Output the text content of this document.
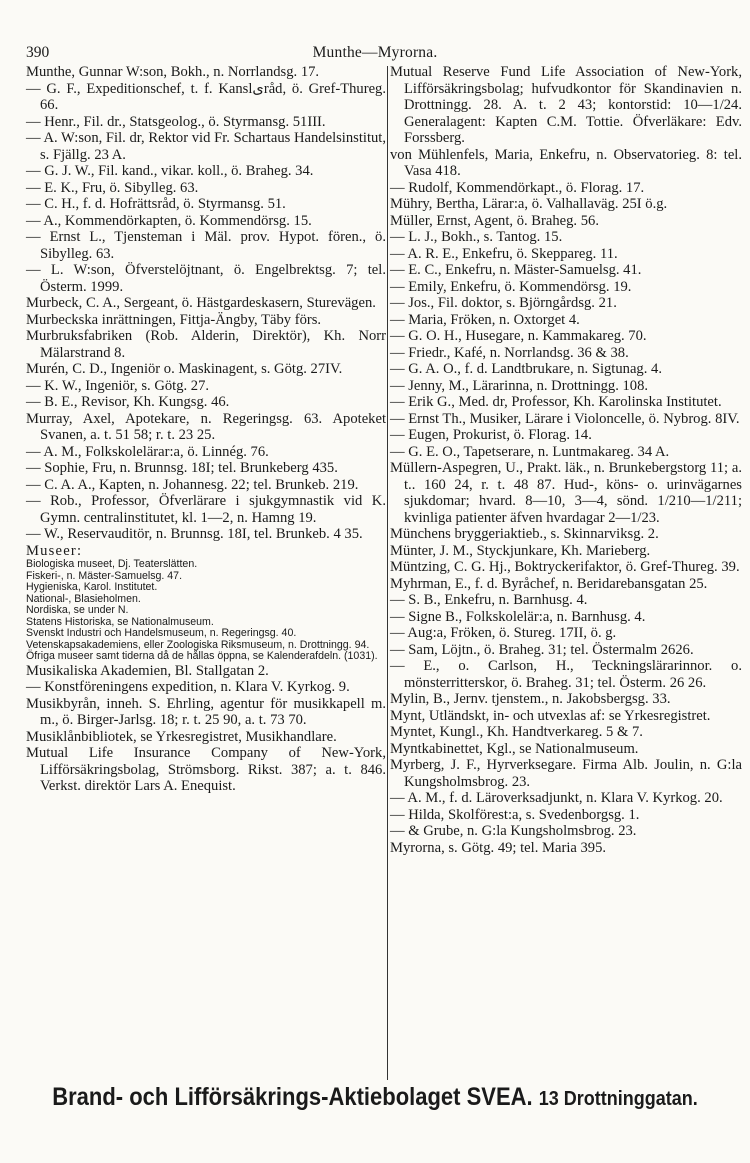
390	Munthe—Myrorna.
Munthe, Gunnar W:son, Bokh., n. Norrlandsg. 17.
— G. F., Expeditionschef, t. f. Kanslیråd, ö. Gref-Thureg. 66.
— Henr., Fil. dr., Statsgeolog., ö. Styrmansg. 51III.
— A. W:son, Fil. dr, Rektor vid Fr. Schartaus Handelsinstitut, s. Fjällg. 23 A.
— G. J. W., Fil. kand., vikar. koll., ö. Braheg. 34.
— E. K., Fru, ö. Sibylleg. 63.
— C. H., f. d. Hofrättsråd, ö. Styrmansg. 51.
— A., Kommendörkapten, ö. Kommendörsg. 15.
— Ernst L., Tjensteman i Mäl. prov. Hypot. fören., ö. Sibylleg. 63.
— L. W:son, Öfverstelöjtnant, ö. Engelbrektsg. 7; tel. Österm. 1999.
Murbeck, C. A., Sergeant, ö. Hästgardeskasern, Sturevägen.
Murbeckska inrättningen, Fittja-Ängby, Täby förs.
Murbruksfabriken (Rob. Alderin, Direktör), Kh. Norr Mälarstrand 8.
Murén, C. D., Ingeniör o. Maskinagent, s. Götg. 27IV.
— K. W., Ingeniör, s. Götg. 27.
— B. E., Revisor, Kh. Kungsg. 46.
Murray, Axel, Apotekare, n. Regeringsg. 63. Apoteket Svanen, a. t. 51 58; r. t. 23 25.
— A. M., Folkskolelärar:a, ö. Linnég. 76.
— Sophie, Fru, n. Brunnsg. 18I; tel. Brunkeberg 435.
— C. A. A., Kapten, n. Johannesg. 22; tel. Brunkeb. 219.
— Rob., Professor, Öfverlärare i sjukgymnastik vid K. Gymn. centralinstitutet, kl. 1—2, n. Hamng 19.
— W., Reservauditör, n. Brunnsg. 18I, tel. Brunkeb. 4 35.
Museer:
Biologiska museet, Dj. Teaterslätten.
Fiskeri-, n. Mäster-Samuelsg. 47.
Hygieniska, Karol. Institutet.
National-, Blasieholmen.
Nordiska, se under N.
Statens Historiska, se Nationalmuseum.
Svenskt Industri och Handelsmuseum, n. Regeringsg. 40.
Vetenskapsakademiens, eller Zoologiska Riksmuseum, n. Drottningg. 94.
Öfriga museer samt tiderna då de hållas öppna, se Kalenderafdeln. (1031).
Musikaliska Akademien, Bl. Stallgatan 2.
— Konstföreningens expedition, n. Klara V. Kyrkog. 9.
Musikbyrån, inneh. S. Ehrling, agentur för musikkapell m. m., ö. Birger-Jarlsg. 18; r. t. 25 90, a. t. 73 70.
Musiklånbibliotek, se Yrkesregistret, Musikhandlare.
Mutual Life Insurance Company of New-York, Lifförsäkringsbolag, Strömsborg. Rikst. 387; a. t. 846. Verkst. direktör Lars A. Enequist.
Mutual Reserve Fund Life Association of New-York, Lifförsäkringsbolag; hufvudkontor för Skandinavien n. Drottningg. 28. A. t. 2 43; kontorstid: 10—1/24. Generalagent: Kapten C.M. Tottie. Öfverläkare: Edv. Forssberg.
von Mühlenfels, Maria, Enkefru, n. Observatorieg. 8: tel. Vasa 418.
— Rudolf, Kommendörkapt., ö. Florag. 17.
Mühry, Bertha, Lärar:a, ö. Valhallaväg. 25I ö.g.
Müller, Ernst, Agent, ö. Braheg. 56.
— L. J., Bokh., s. Tantog. 15.
— A. R. E., Enkefru, ö. Skeppareg. 11.
— E. C., Enkefru, n. Mäster-Samuelsg. 41.
— Emily, Enkefru, ö. Kommendörsg. 19.
— Jos., Fil. doktor, s. Björngårdsg. 21.
— Maria, Fröken, n. Oxtorget 4.
— G. O. H., Husegare, n. Kammakareg. 70.
— Friedr., Kafé, n. Norrlandsg. 36 & 38.
— G. A. O., f. d. Landtbrukare, n. Sigtunag. 4.
— Jenny, M., Lärarinna, n. Drottningg. 108.
— Erik G., Med. dr, Professor, Kh. Karolinska Institutet.
— Ernst Th., Musiker, Lärare i Violoncelle, ö. Nybrog. 8IV.
— Eugen, Prokurist, ö. Florag. 14.
— G. E. O., Tapetserare, n. Luntmakareg. 34 A.
Müllern-Aspegren, U., Prakt. läk., n. Brunkebergstorg 11; a. t.. 160 24, r. t. 48 87. Hud-, köns- o. urinvägarnes sjukdomar; hvard. 8—10, 3—4, sönd. 1/210—1/211; kvinliga patienter äfven hvardagar 2—1/23.
Münchens bryggeriaktieb., s. Skinnarviksg. 2.
Münter, J. M., Styckjunkare, Kh. Marieberg.
Müntzing, C. G. Hj., Boktryckerifaktor, ö. Gref-Thureg. 39.
Myhrman, E., f. d. Byråchef, n. Beridarebansgatan 25.
— S. B., Enkefru, n. Barnhusg. 4.
— Signe B., Folkskolelär:a, n. Barnhusg. 4.
— Aug:a, Fröken, ö. Stureg. 17II, ö. g.
— Sam, Löjtn., ö. Braheg. 31; tel. Östermalm 2626.
— E., o. Carlson, H., Teckningslärarinnor. o. mönsterritterskor, ö. Braheg. 31; tel. Österm. 26 26.
Mylin, B., Jernv. tjenstem., n. Jakobsbergsg. 33.
Mynt, Utländskt, in- och utvexlas af: se Yrkesregistret.
Myntet, Kungl., Kh. Handtverkareg. 5 & 7.
Myntkabinettet, Kgl., se Nationalmuseum.
Myrberg, J. F., Hyrverksegare. Firma Alb. Joulin, n. G:la Kungsholmsbrog. 23.
— A. M., f. d. Läroverksadjunkt, n. Klara V. Kyrkog. 20.
— Hilda, Skolförest:a, s. Svedenborgsg. 1.
— & Grube, n. G:la Kungsholmsbrog. 23.
Myrorna, s. Götg. 49; tel. Maria 395.
Brand- och Lifförsäkrings-Aktiebolaget SVEA. 13 Drottninggatan.
